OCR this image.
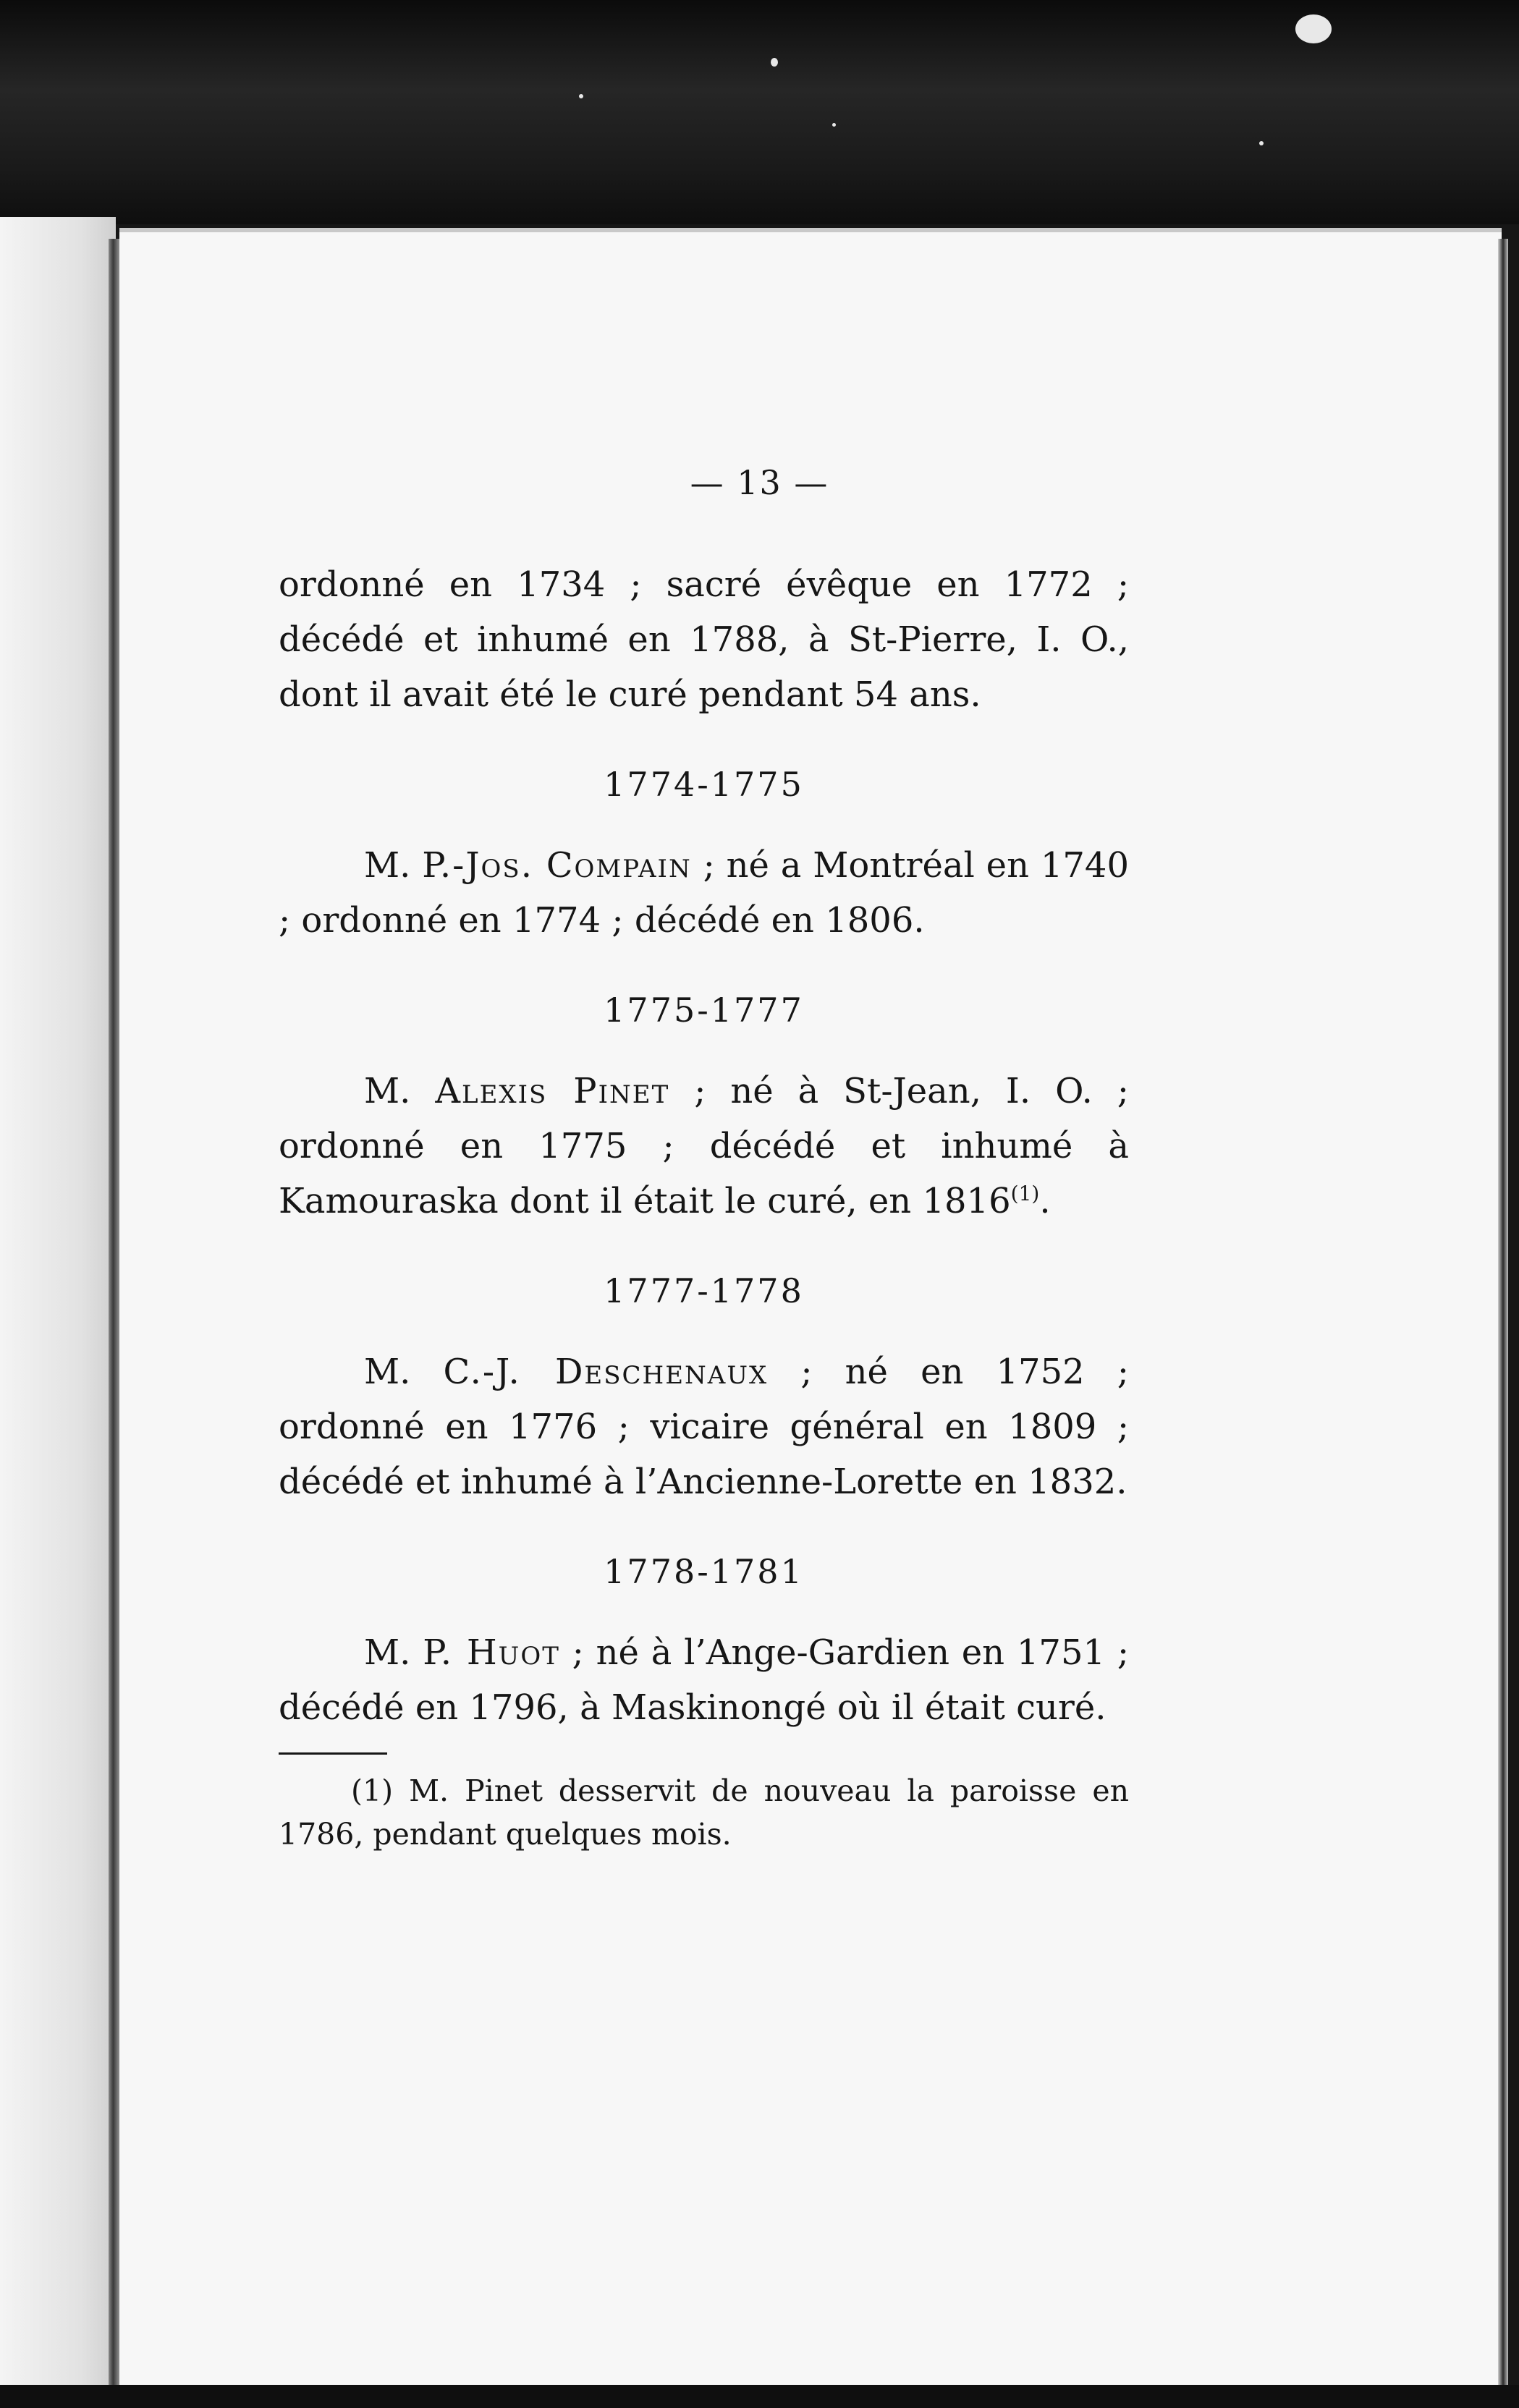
— 13 —

ordonné en 1734 ; sacré évêque en 1772 ; décédé et inhumé en 1788, à St-Pierre, I. O., dont il avait été le curé pendant 54 ans.

1774-1775

M. P.-Jos. Compain ; né a Montréal en 1740 ; ordonné en 1774 ; décédé en 1806.

1775-1777

M. Alexis Pinet ; né à St-Jean, I. O. ; ordonné en 1775 ; décédé et inhumé à Kamouraska dont il était le curé, en 1816$^{(1)}$.

1777-1778

M. C.-J. Deschenaux ; né en 1752 ; ordonné en 1776 ; vicaire général en 1809 ; décédé et inhumé à l’Ancienne-Lorette en 1832.

1778-1781

M. P. Huot ; né à l’Ange-Gardien en 1751 ; décédé en 1796, à Maskinongé où il était curé.

(1) M. Pinet desservit de nouveau la paroisse en 1786, pendant quelques mois.
